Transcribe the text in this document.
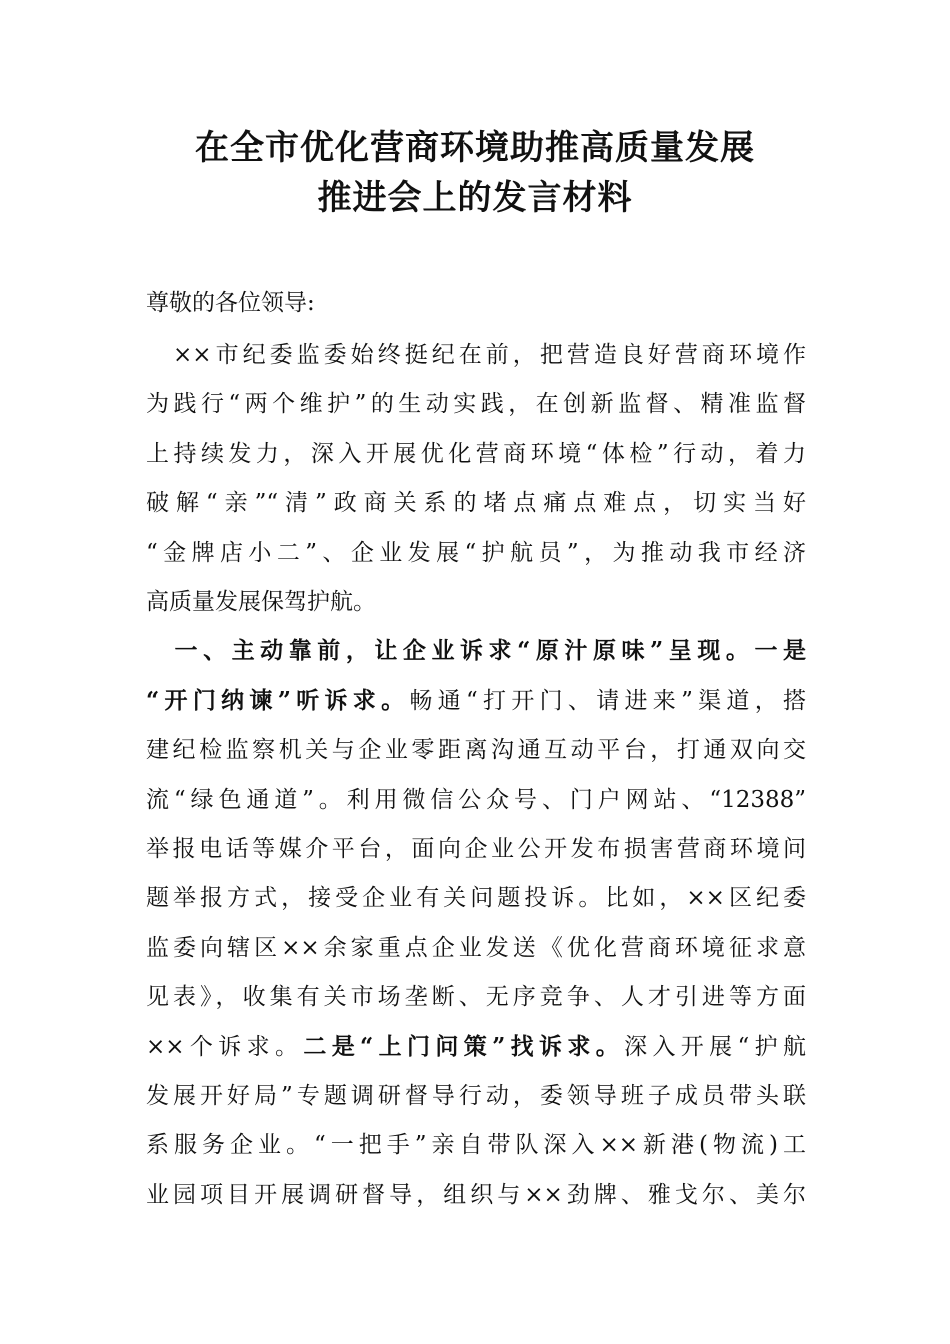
在全市优化营商环境助推高质量发展
推进会上的发言材料
尊敬的各位领导:
　××市纪委监委始终挺纪在前，把营造良好营商环境作
为践行“两个维护”的生动实践，在创新监督、精准监督
上持续发力，深入开展优化营商环境“体检”行动，着力
破解“亲”“清”政商关系的堵点痛点难点，切实当好
“金牌店小二”、企业发展“护航员”，为推动我市经济
高质量发展保驾护航。
　一、主动靠前，让企业诉求“原汁原味”呈现。一是
“开门纳谏”听诉求。畅通“打开门、请进来”渠道，搭
建纪检监察机关与企业零距离沟通互动平台，打通双向交
流“绿色通道”。利用微信公众号、门户网站、“12388”
举报电话等媒介平台，面向企业公开发布损害营商环境问
题举报方式，接受企业有关问题投诉。比如，××区纪委
监委向辖区××余家重点企业发送《优化营商环境征求意
见表》，收集有关市场垄断、无序竞争、人才引进等方面
××个诉求。二是“上门问策”找诉求。深入开展“护航
发展开好局”专题调研督导行动，委领导班子成员带头联
系服务企业。“一把手”亲自带队深入××新港(物流)工
业园项目开展调研督导，组织与××劲牌、雅戈尔、美尔
